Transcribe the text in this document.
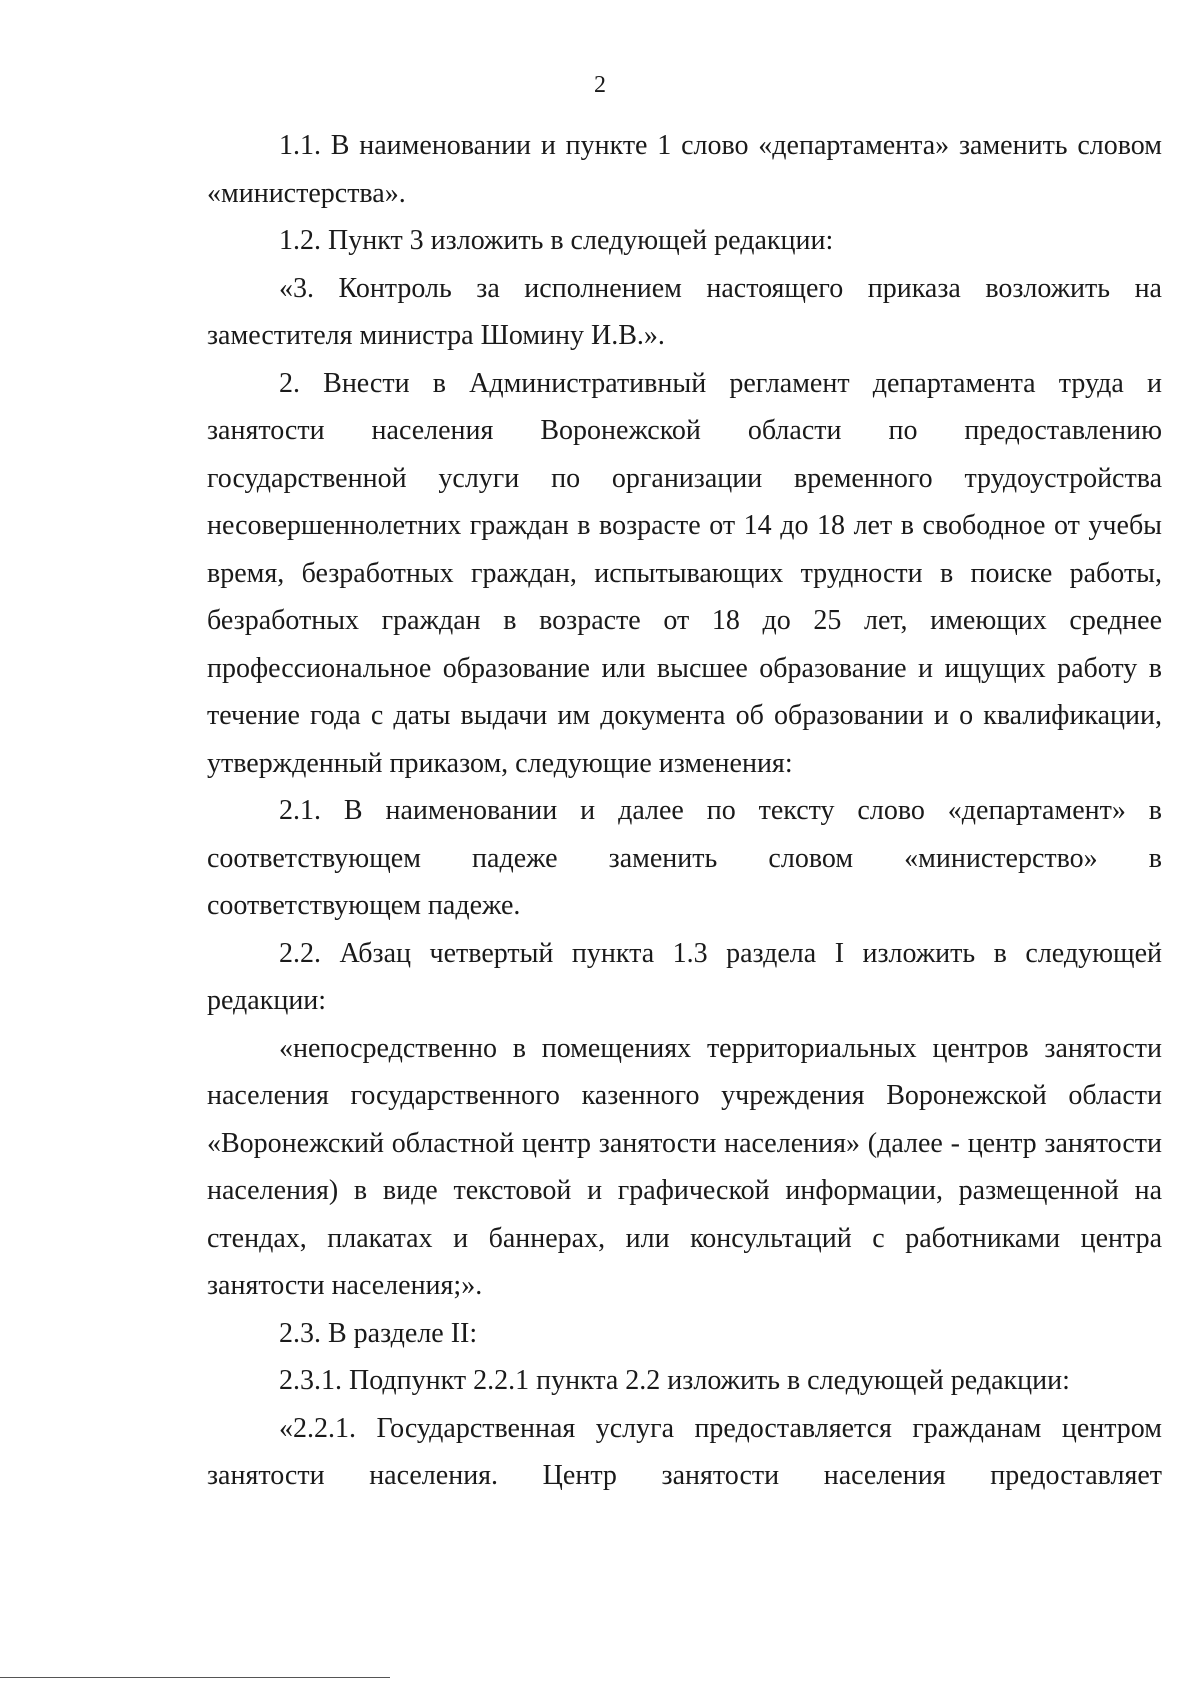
2

1.1. В наименовании и пункте 1 слово «департамента» заменить словом «министерства».

1.2. Пункт 3 изложить в следующей редакции:

«3. Контроль за исполнением настоящего приказа возложить на заместителя министра Шомину И.В.».

2. Внести в Административный регламент департамента труда и занятости населения Воронежской области по предоставлению государственной услуги по организации временного трудоустройства несовершеннолетних граждан в возрасте от 14 до 18 лет в свободное от учебы время, безработных граждан, испытывающих трудности в поиске работы, безработных граждан в возрасте от 18 до 25 лет, имеющих среднее профессиональное образование или высшее образование и ищущих работу в течение года с даты выдачи им документа об образовании и о квалификации, утвержденный приказом, следующие изменения:

2.1. В наименовании и далее по тексту слово «департамент» в соответствующем падеже заменить словом «министерство» в соответствующем падеже.

2.2. Абзац четвертый пункта 1.3 раздела I изложить в следующей редакции:

«непосредственно в помещениях территориальных центров занятости населения государственного казенного учреждения Воронежской области «Воронежский областной центр занятости населения» (далее - центр занятости населения) в виде текстовой и графической информации, размещенной на стендах, плакатах и баннерах, или консультаций с работниками центра занятости населения;».

2.3. В разделе II:

2.3.1. Подпункт 2.2.1 пункта 2.2 изложить в следующей редакции:

«2.2.1. Государственная услуга предоставляется гражданам центром занятости населения. Центр занятости населения предоставляет
